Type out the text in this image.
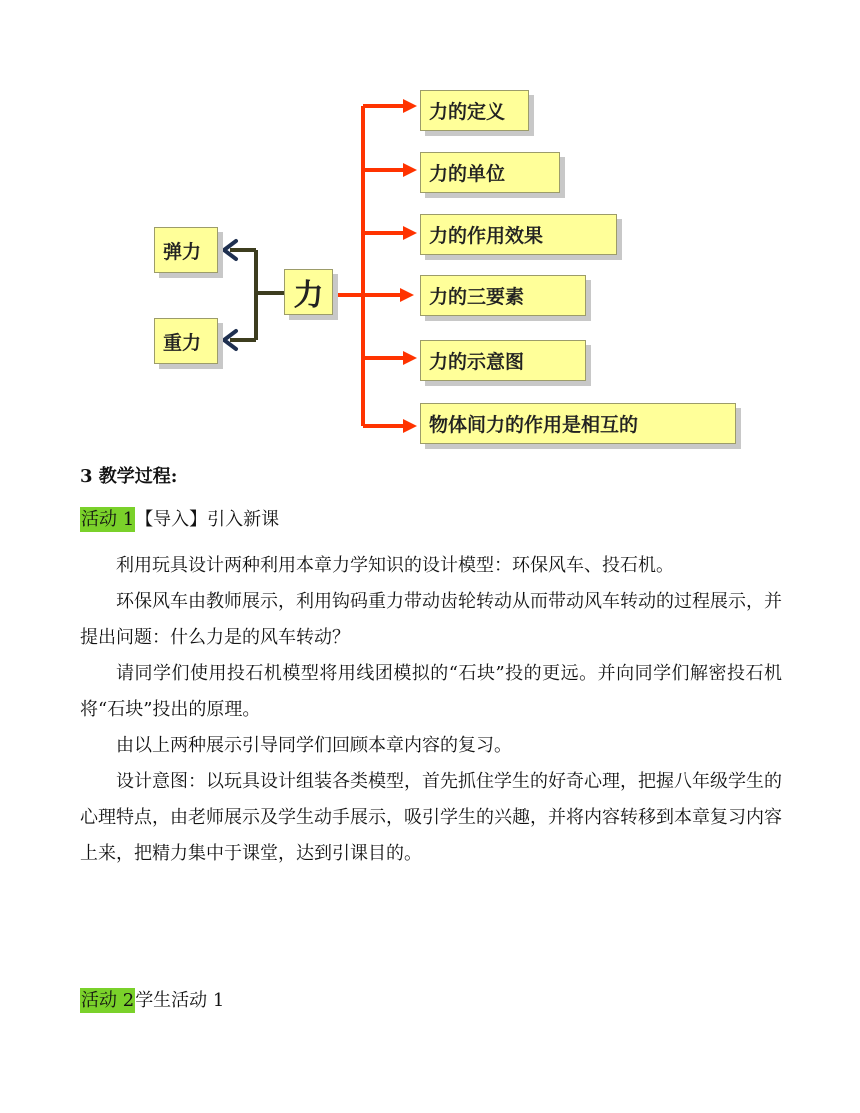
力
弹力
重力
力的定义
力的单位
力的作用效果
力的三要素
力的示意图
物体间力的作用是相互的
3 教学过程:
活动 1【导入】引入新课

利用玩具设计两种利用本章力学知识的设计模型：环保风车、投石机。

环保风车由教师展示，利用钩码重力带动齿轮转动从而带动风车转动的过程展示，并提出问题：什么力是的风车转动？

请同学们使用投石机模型将用线团模拟的“石块”投的更远。并向同学们解密投石机将“石块”投出的原理。

由以上两种展示引导同学们回顾本章内容的复习。

设计意图：以玩具设计组装各类模型，首先抓住学生的好奇心理，把握八年级学生的心理特点，由老师展示及学生动手展示，吸引学生的兴趣，并将内容转移到本章复习内容上来，把精力集中于课堂，达到引课目的。

活动 2学生活动 1
